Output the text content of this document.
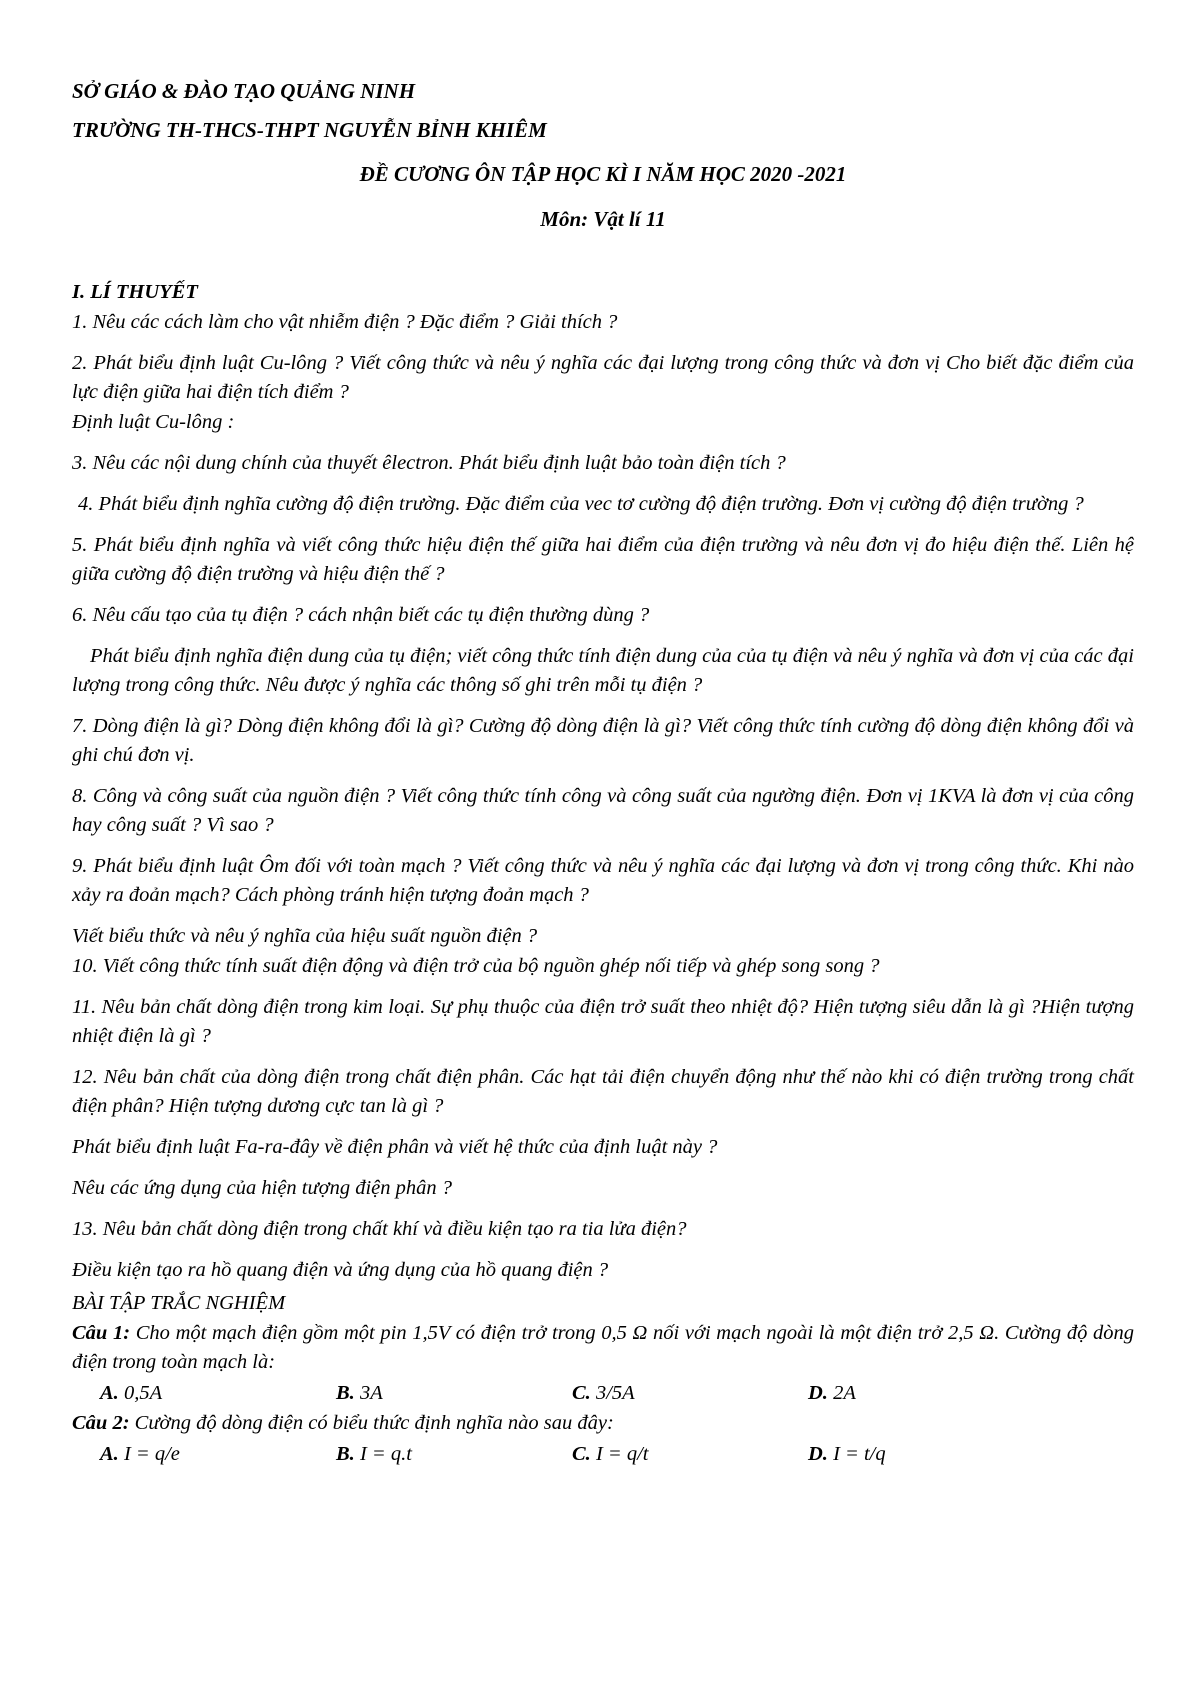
SỞ GIÁO & ĐÀO TẠO QUẢNG NINH
TRƯỜNG TH-THCS-THPT NGUYỄN BỈNH KHIÊM
ĐỀ CƯƠNG ÔN TẬP HỌC KÌ I NĂM HỌC 2020 -2021
Môn: Vật lí 11
I. LÍ THUYẾT

1. Nêu các cách làm cho vật nhiễm điện ? Đặc điểm ? Giải thích ?

2. Phát biểu định luật Cu-lông ? Viết công thức và nêu ý nghĩa các đại lượng trong công thức và đơn vị Cho biết đặc điểm của lực điện giữa hai điện tích điểm ?

Định luật Cu-lông :

3. Nêu các nội dung chính của thuyết êlectron. Phát biểu định luật bảo toàn điện tích ?

4. Phát biểu định nghĩa cường độ điện trường. Đặc điểm của vec tơ cường độ điện trường. Đơn vị cường độ điện trường ?

5. Phát biểu định nghĩa và viết công thức hiệu điện thế giữa hai điểm của điện trường và nêu đơn vị đo hiệu điện thế. Liên hệ giữa cường độ điện trường và hiệu điện thế ?

6. Nêu cấu tạo của tụ điện ? cách nhận biết các tụ điện thường dùng ?

Phát biểu định nghĩa điện dung của tụ điện; viết công thức tính điện dung của của tụ điện và nêu ý nghĩa và đơn vị của các đại lượng trong công thức. Nêu được ý nghĩa các thông số ghi trên mỗi tụ điện ?

7. Dòng điện là gì? Dòng điện không đổi là gì? Cường độ dòng điện là gì? Viết công thức tính cường độ dòng điện không đổi và ghi chú đơn vị.

8. Công và công suất của nguồn điện ? Viết công thức tính công và công suất của ngường điện. Đơn vị 1KVA là đơn vị của công hay công suất ? Vì sao ?

9. Phát biểu định luật Ôm đối với toàn mạch ? Viết công thức và nêu ý nghĩa các đại lượng và đơn vị trong công thức. Khi nào xảy ra đoản mạch? Cách phòng tránh hiện tượng đoản mạch ?

Viết biểu thức và nêu ý nghĩa của hiệu suất nguồn điện ?

10. Viết công thức tính suất điện động và điện trở của bộ nguồn ghép nối tiếp và ghép song song ?

11. Nêu bản chất dòng điện trong kim loại. Sự phụ thuộc của điện trở suất theo nhiệt độ? Hiện tượng siêu dẫn là gì ?Hiện tượng nhiệt điện là gì ?

12. Nêu bản chất của dòng điện trong chất điện phân. Các hạt tải điện chuyển động như thế nào khi có điện trường trong chất điện phân? Hiện tượng dương cực tan là gì ?

Phát biểu định luật Fa-ra-đây về điện phân và viết hệ thức của định luật này ?

Nêu các ứng dụng của hiện tượng điện phân ?

13. Nêu bản chất dòng điện trong chất khí và điều kiện tạo ra tia lửa điện?

Điều kiện tạo ra hồ quang điện và ứng dụng của hồ quang điện ?

BÀI TẬP TRẮC NGHIỆM

Câu 1: Cho một mạch điện gồm một pin 1,5V có điện trở trong 0,5 Ω nối với mạch ngoài là một điện trở 2,5 Ω. Cường độ dòng điện trong toàn mạch là:

A. 0,5A	B. 3A	C. 3/5A	D. 2A

Câu 2: Cường độ dòng điện có biểu thức định nghĩa nào sau đây:

A. I = q/e	B. I = q.t	C. I = q/t	D. I = t/q
